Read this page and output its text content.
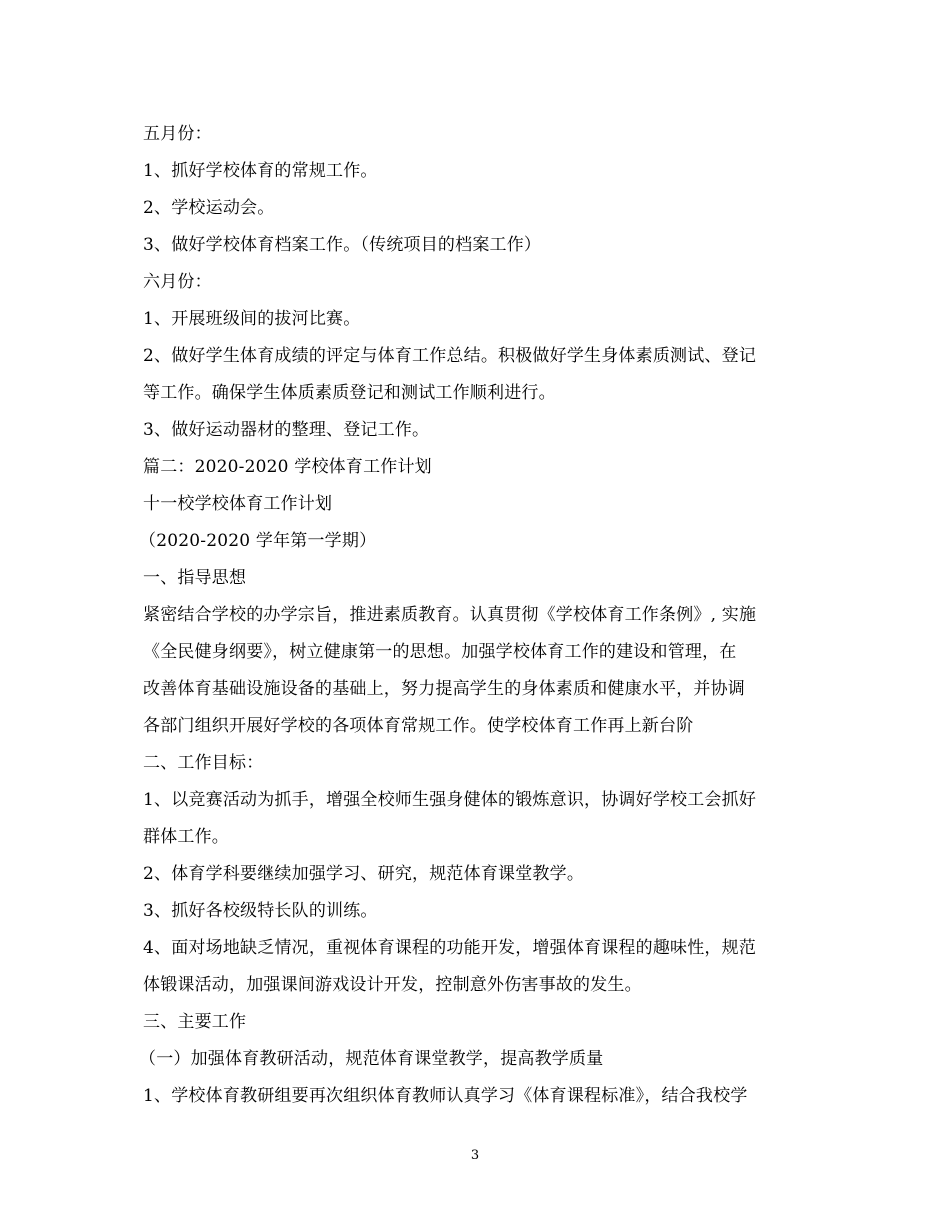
五月份：
1、抓好学校体育的常规工作。
2、学校运动会。
3、做好学校体育档案工作。（传统项目的档案工作）
六月份：
1、开展班级间的拔河比赛。
2、做好学生体育成绩的评定与体育工作总结。积极做好学生身体素质测试、登记
等工作。确保学生体质素质登记和测试工作顺利进行。
3、做好运动器材的整理、登记工作。
篇二：2020-2020 学校体育工作计划
十一校学校体育工作计划
（2020-2020 学年第一学期）
一、指导思想
紧密结合学校的办学宗旨，推进素质教育。认真贯彻《学校体育工作条例》, 实施
《全民健身纲要》，树立健康第一的思想。加强学校体育工作的建设和管理，在
改善体育基础设施设备的基础上，努力提高学生的身体素质和健康水平，并协调
各部门组织开展好学校的各项体育常规工作。使学校体育工作再上新台阶
二、工作目标：
1、以竞赛活动为抓手，增强全校师生强身健体的锻炼意识，协调好学校工会抓好
群体工作。
2、体育学科要继续加强学习、研究，规范体育课堂教学。
3、抓好各校级特长队的训练。
4、面对场地缺乏情况，重视体育课程的功能开发，增强体育课程的趣味性，规范
体锻课活动，加强课间游戏设计开发，控制意外伤害事故的发生。
三、主要工作
（一）加强体育教研活动，规范体育课堂教学，提高教学质量
1、学校体育教研组要再次组织体育教师认真学习《体育课程标准》，结合我校学
3
